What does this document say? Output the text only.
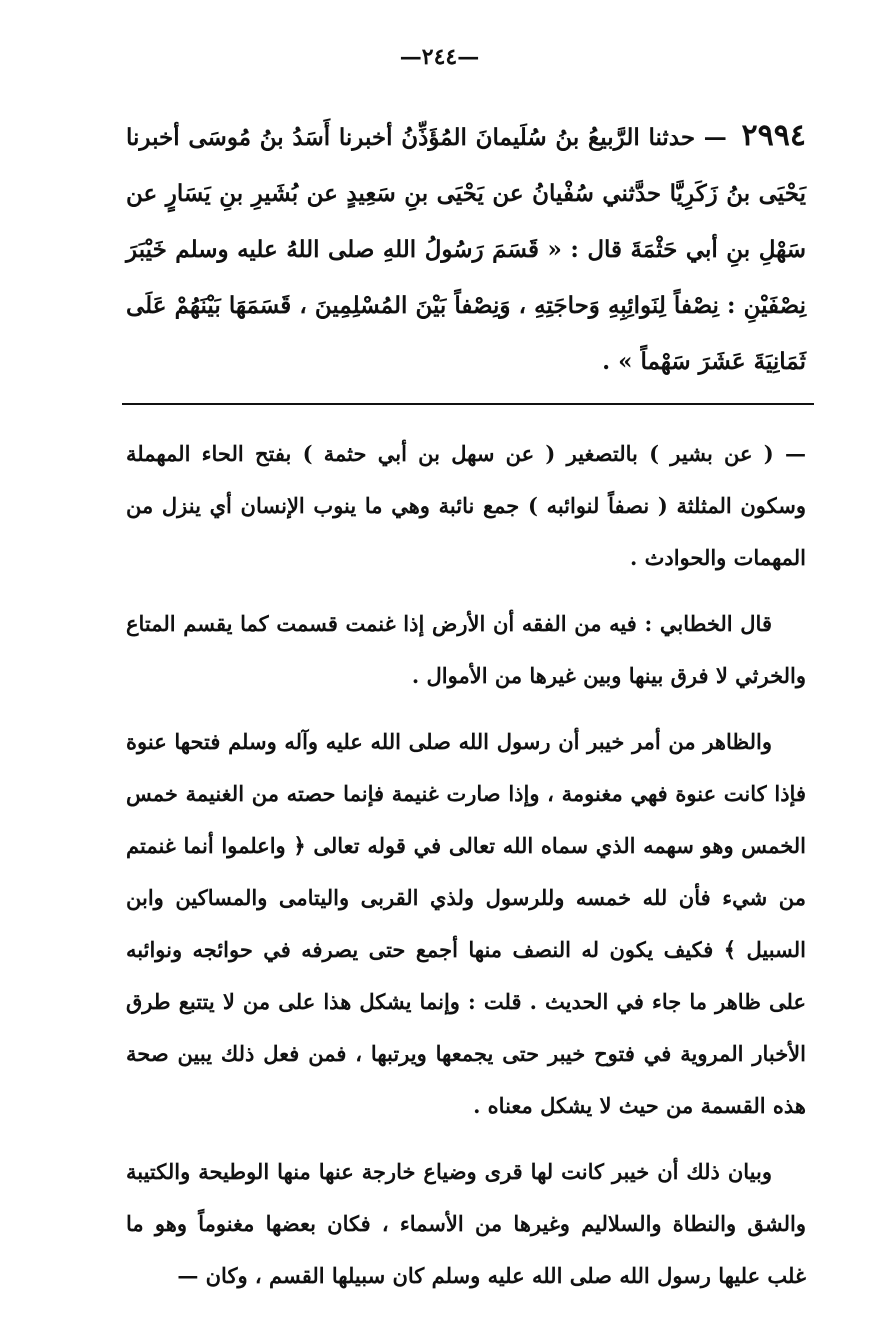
—٢٤٤—
٢٩٩٤ — حدثنا الرَّبيعُ بنُ سُلَيمانَ المُؤَذِّنُ أخبرنا أَسَدُ بنُ مُوسَى أخبرنا يَحْيَى بنُ زَكَرِيَّا حدَّثني سُفْيانُ عن يَحْيَى بنِ سَعِيدٍ عن بُشَيرِ بنِ يَسَارٍ عن سَهْلِ بنِ أبي حَثْمَةَ قال : « قَسَمَ رَسُولُ اللهِ صلى اللهُ عليه وسلم خَيْبَرَ نِصْفَيْنِ : نِصْفاً لِنَوائِبِهِ وَحاجَتِهِ ، وَنِصْفاً بَيْنَ المُسْلِمِينَ ، قَسَمَهَا بَيْنَهُمْ عَلَى ثَمَانِيَةَ عَشَرَ سَهْماً » .

— ( عن بشير ) بالتصغير ( عن سهل بن أبي حثمة ) بفتح الحاء المهملة وسكون المثلثة ( نصفاً لنوائبه ) جمع نائبة وهي ما ينوب الإنسان أي ينزل من المهمات والحوادث .

قال الخطابي : فيه من الفقه أن الأرض إذا غنمت قسمت كما يقسم المتاع والخرثي لا فرق بينها وبين غيرها من الأموال .

والظاهر من أمر خيبر أن رسول الله صلى الله عليه وآله وسلم فتحها عنوة فإذا كانت عنوة فهي مغنومة ، وإذا صارت غنيمة فإنما حصته من الغنيمة خمس الخمس وهو سهمه الذي سماه الله تعالى في قوله تعالى ﴿ واعلموا أنما غنمتم من شيء فأن لله خمسه وللرسول ولذي القربى واليتامى والمساكين وابن السبيل ﴾ فكيف يكون له النصف منها أجمع حتى يصرفه في حوائجه ونوائبه على ظاهر ما جاء في الحديث . قلت : وإنما يشكل هذا على من لا يتتبع طرق الأخبار المروية في فتوح خيبر حتى يجمعها ويرتبها ، فمن فعل ذلك يبين صحة هذه القسمة من حيث لا يشكل معناه .

وبيان ذلك أن خيبر كانت لها قرى وضياع خارجة عنها منها الوطيحة والكتيبة والشق والنطاة والسلاليم وغيرها من الأسماء ، فكان بعضها مغنوماً وهو ما غلب عليها رسول الله صلى الله عليه وسلم كان سبيلها القسم ، وكان —
